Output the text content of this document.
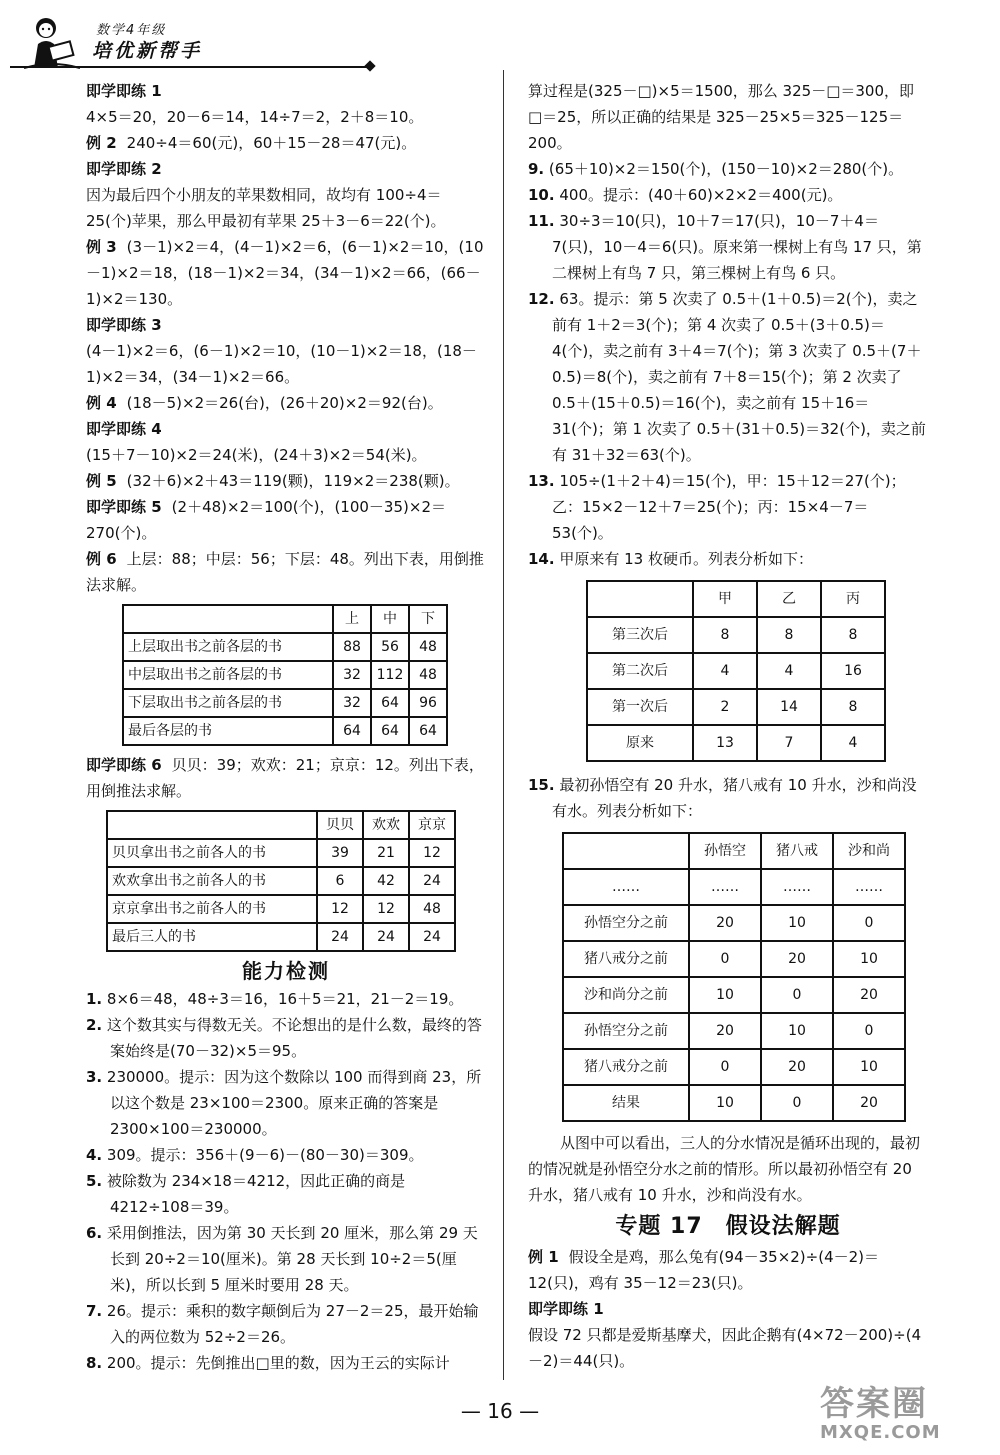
数学4年级
培优新帮手

即学即练 1

4×5＝20，20－6＝14，14÷7＝2，2＋8＝10。

例 2 240÷4＝60(元)，60＋15－28＝47(元)。

即学即练 2

因为最后四个小朋友的苹果数相同，故均有 100÷4＝25(个)苹果，那么甲最初有苹果 25＋3－6＝22(个)。

例 3 (3－1)×2＝4，(4－1)×2＝6，(6－1)×2＝10，(10－1)×2＝18，(18－1)×2＝34，(34－1)×2＝66，(66－1)×2＝130。

即学即练 3

(4－1)×2＝6，(6－1)×2＝10，(10－1)×2＝18，(18－1)×2＝34，(34－1)×2＝66。

例 4 (18－5)×2＝26(台)，(26＋20)×2＝92(台)。

即学即练 4

(15＋7－10)×2＝24(米)，(24＋3)×2＝54(米)。

例 5 (32＋6)×2＋43＝119(颗)，119×2＝238(颗)。

即学即练 5 (2＋48)×2＝100(个)，(100－35)×2＝270(个)。

例 6 上层：88；中层：56；下层：48。列出下表，用倒推法求解。

	上	中	下
上层取出书之前各层的书	88	56	48
中层取出书之前各层的书	32	112	48
下层取出书之前各层的书	32	64	96
最后各层的书	64	64	64

即学即练 6 贝贝：39；欢欢：21；京京：12。列出下表，用倒推法求解。

	贝贝	欢欢	京京
贝贝拿出书之前各人的书	39	21	12
欢欢拿出书之前各人的书	6	42	24
京京拿出书之前各人的书	12	12	48
最后三人的书	24	24	24
能力检测

1. 8×6＝48，48÷3＝16，16＋5＝21，21－2＝19。

2. 这个数其实与得数无关。不论想出的是什么数，最终的答案始终是(70－32)×5＝95。

3. 230000。提示：因为这个数除以 100 而得到商 23，所以这个数是 23×100＝2300。原来正确的答案是 2300×100＝230000。

4. 309。提示：356＋(9－6)－(80－30)＝309。

5. 被除数为 234×18＝4212，因此正确的商是 4212÷108＝39。

6. 采用倒推法，因为第 30 天长到 20 厘米，那么第 29 天长到 20÷2＝10(厘米)。第 28 天长到 10÷2＝5(厘米)，所以长到 5 厘米时要用 28 天。

7. 26。提示：乘积的数字颠倒后为 27－2＝25，最开始输入的两位数为 52÷2＝26。

8. 200。提示：先倒推出□里的数，因为王云的实际计

算过程是(325－□)×5＝1500，那么 325－□＝300，即□＝25，所以正确的结果是 325－25×5＝325－125＝200。

9. (65＋10)×2＝150(个)，(150－10)×2＝280(个)。

10. 400。提示：(40＋60)×2×2＝400(元)。

11. 30÷3＝10(只)，10＋7＝17(只)，10－7＋4＝7(只)，10－4＝6(只)。原来第一棵树上有鸟 17 只，第二棵树上有鸟 7 只，第三棵树上有鸟 6 只。

12. 63。提示：第 5 次卖了 0.5＋(1＋0.5)＝2(个)，卖之前有 1＋2＝3(个)；第 4 次卖了 0.5＋(3＋0.5)＝4(个)，卖之前有 3＋4＝7(个)；第 3 次卖了 0.5＋(7＋0.5)＝8(个)，卖之前有 7＋8＝15(个)；第 2 次卖了 0.5＋(15＋0.5)＝16(个)，卖之前有 15＋16＝31(个)；第 1 次卖了 0.5＋(31＋0.5)＝32(个)，卖之前有 31＋32＝63(个)。

13. 105÷(1＋2＋4)＝15(个)，甲：15＋12＝27(个)；乙：15×2－12＋7＝25(个)；丙：15×4－7＝53(个)。

14. 甲原来有 13 枚硬币。列表分析如下：

	甲	乙	丙
第三次后	8	8	8
第二次后	4	4	16
第一次后	2	14	8
原来	13	7	4

15. 最初孙悟空有 20 升水，猪八戒有 10 升水，沙和尚没有水。列表分析如下：

	孙悟空	猪八戒	沙和尚
……	……	……	……
孙悟空分之前	20	10	0
猪八戒分之前	0	20	10
沙和尚分之前	10	0	20
孙悟空分之前	20	10	0
猪八戒分之前	0	20	10
结果	10	0	20

从图中可以看出，三人的分水情况是循环出现的，最初的情况就是孙悟空分水之前的情形。所以最初孙悟空有 20 升水，猪八戒有 10 升水，沙和尚没有水。

专题 17　假设法解题

例 1 假设全是鸡，那么兔有(94－35×2)÷(4－2)＝12(只)，鸡有 35－12＝23(只)。

即学即练 1

假设 72 只都是爱斯基摩犬，因此企鹅有(4×72－200)÷(4－2)＝44(只)。

— 16 —	答案圈
MXQE.COM
